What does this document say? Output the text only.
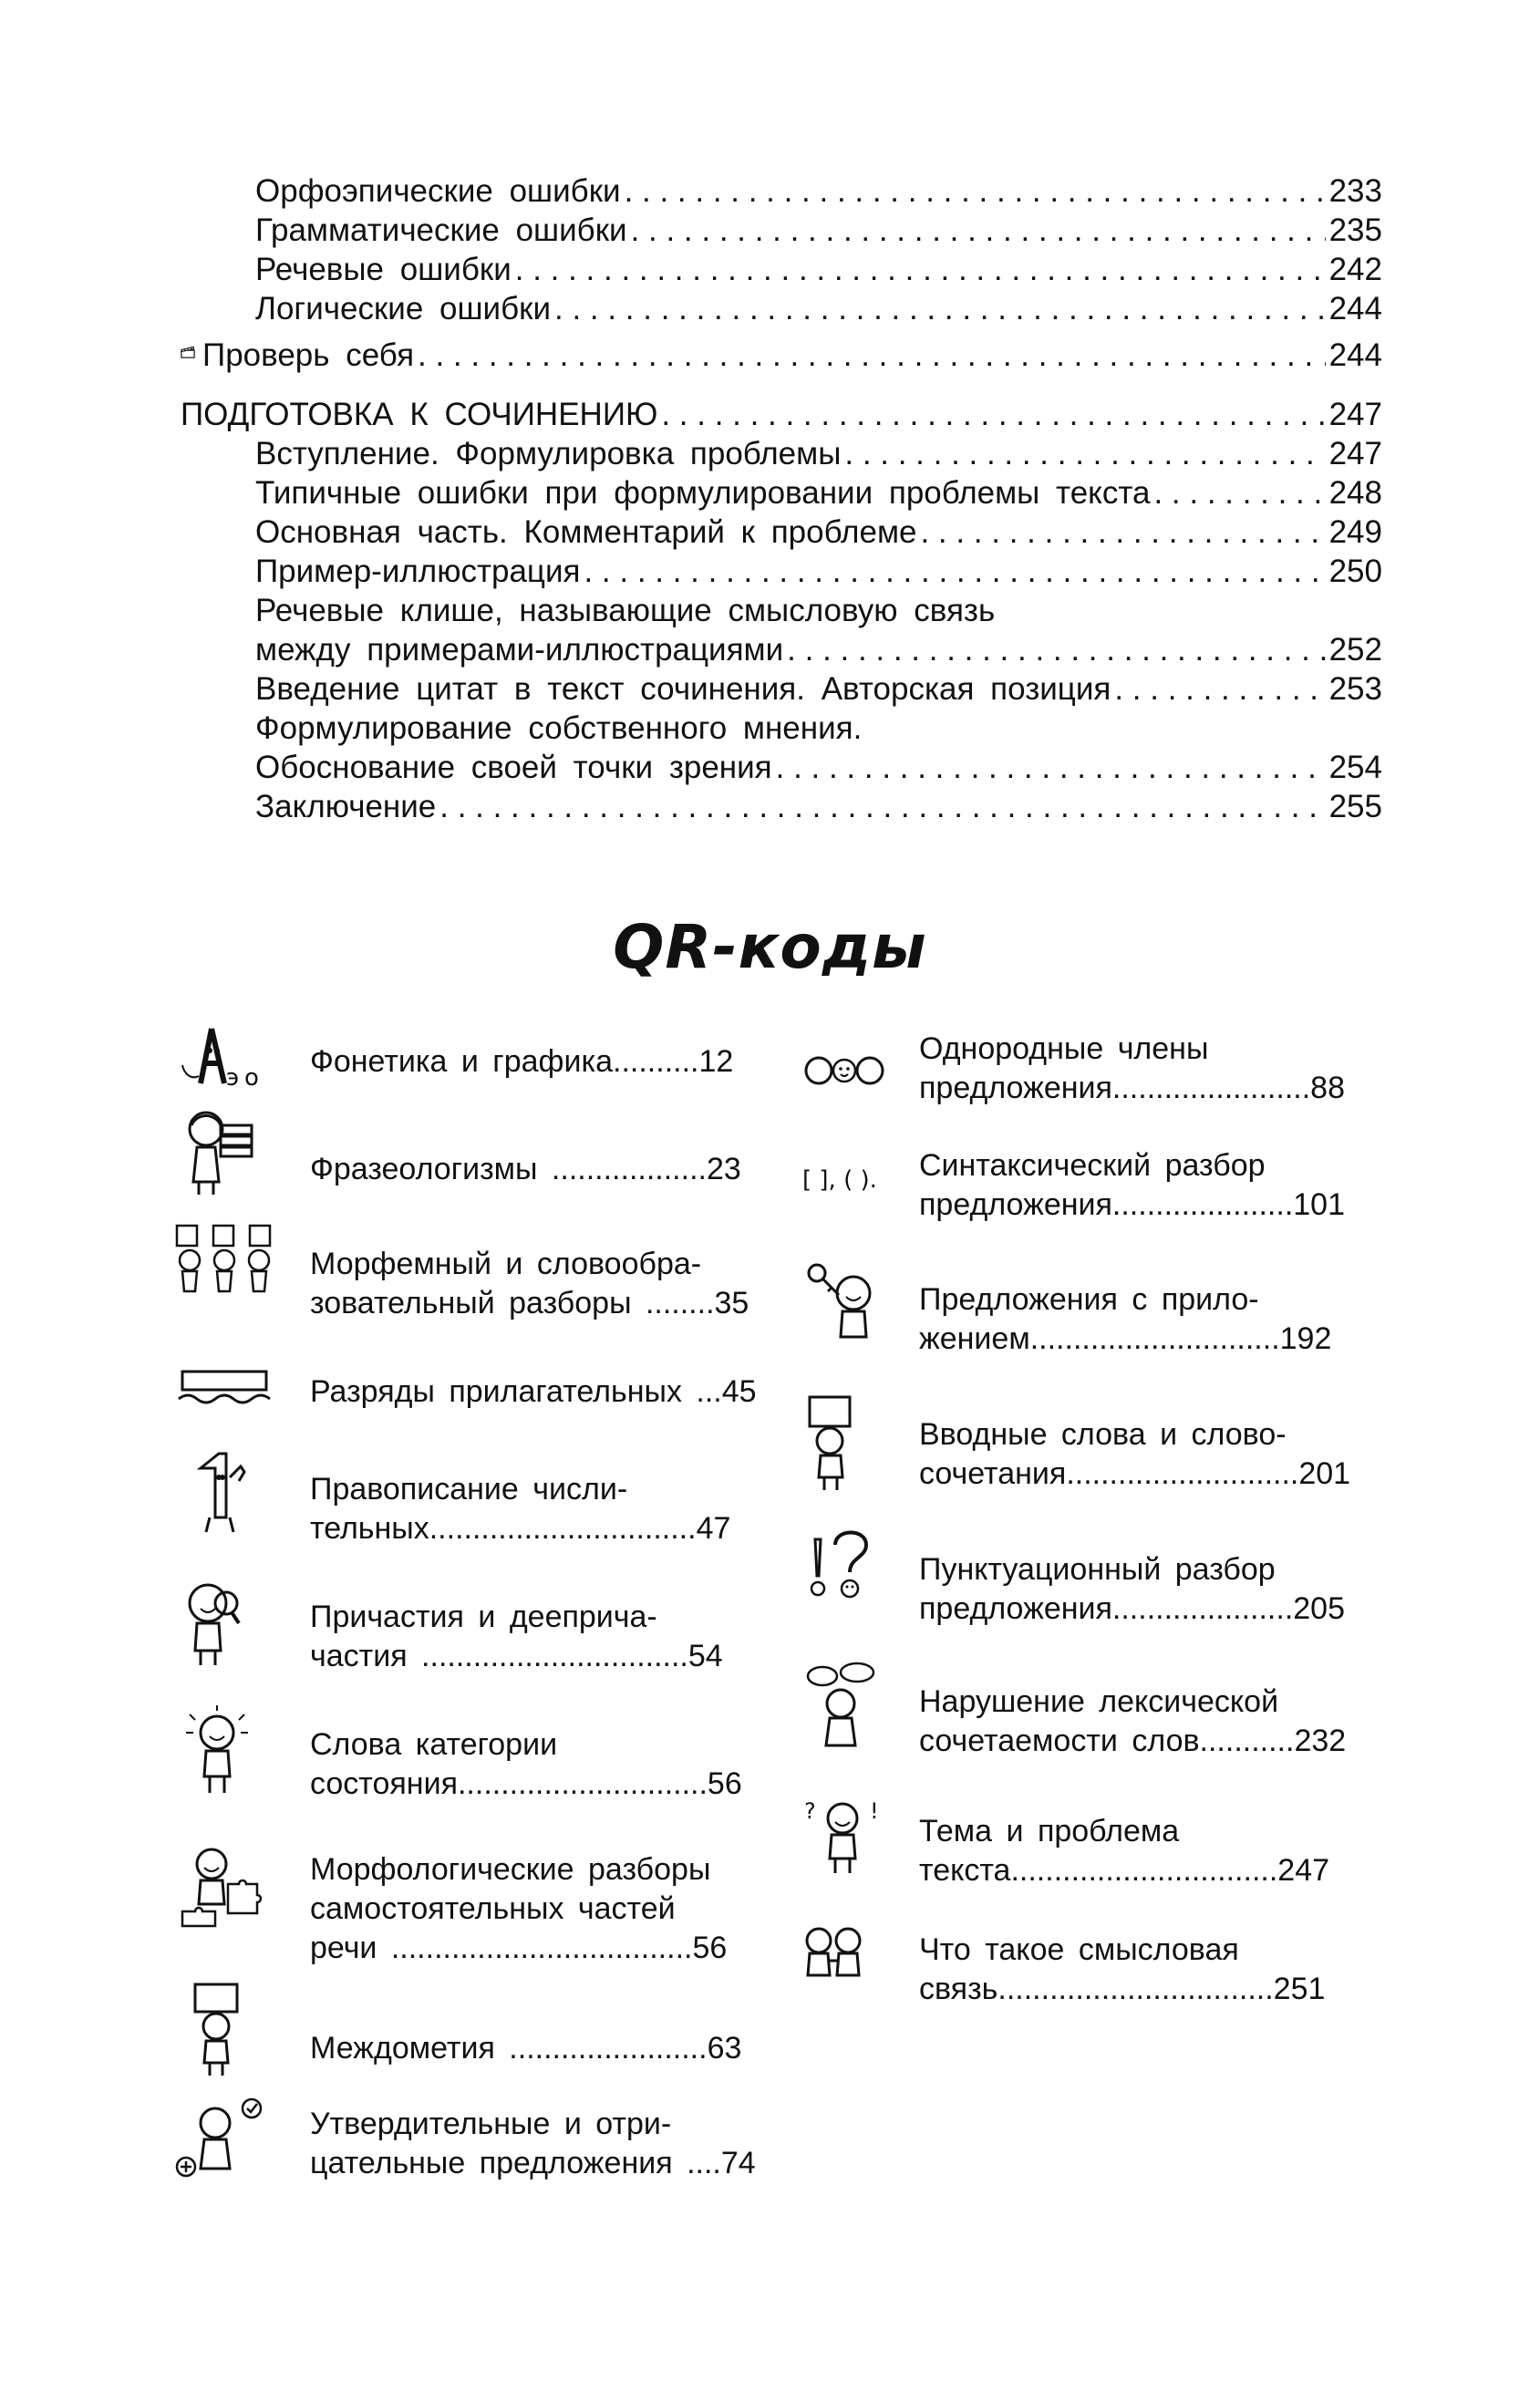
Орфоэпические ошибки . . .	233
Грамматические ошибки . . .	235
Речевые ошибки . . .	242
Логические ошибки . . .	244
Проверь себя . . .	244
ПОДГОТОВКА К СОЧИНЕНИЮ . . .	247
Вступление. Формулировка проблемы . . .	247
Типичные ошибки при формулировании проблемы текста . . .	248
Основная часть. Комментарий к проблеме . . .	249
Пример-иллюстрация . . .	250
Речевые клише, называющие смысловую связь
между примерами-иллюстрациями . . .	252
Введение цитат в текст сочинения. Авторская позиция . . .	253
Формулирование собственного мнения.
Обоснование своей точки зрения . . .	254
Заключение . . .	255
QR-коды
э о Фонетика и графика..........12
Фразеологизмы ..................23
Морфемный и словообра-
зовательный разборы ........35
Разряды прилагательных ...45
Правописание числи-
тельных...............................47
Причастия и дееприча-
частия ...............................54
Слова категории
состояния.............................56
Морфологические разборы
самостоятельных частей
речи ...................................56
Междометия .......................63
Утвердительные и отри-
цательные предложения ....74
Однородные члены
предложения.......................88
[ ], ( ). Синтаксический разбор
предложения.....................101
Предложения с прило-
жением.............................192
Вводные слова и слово-
сочетания...........................201
Пунктуационный разбор
предложения.....................205
Нарушение лексической
сочетаемости слов...........232
? !
Тема и проблема
текста...............................247
Что такое смысловая
связь................................251
